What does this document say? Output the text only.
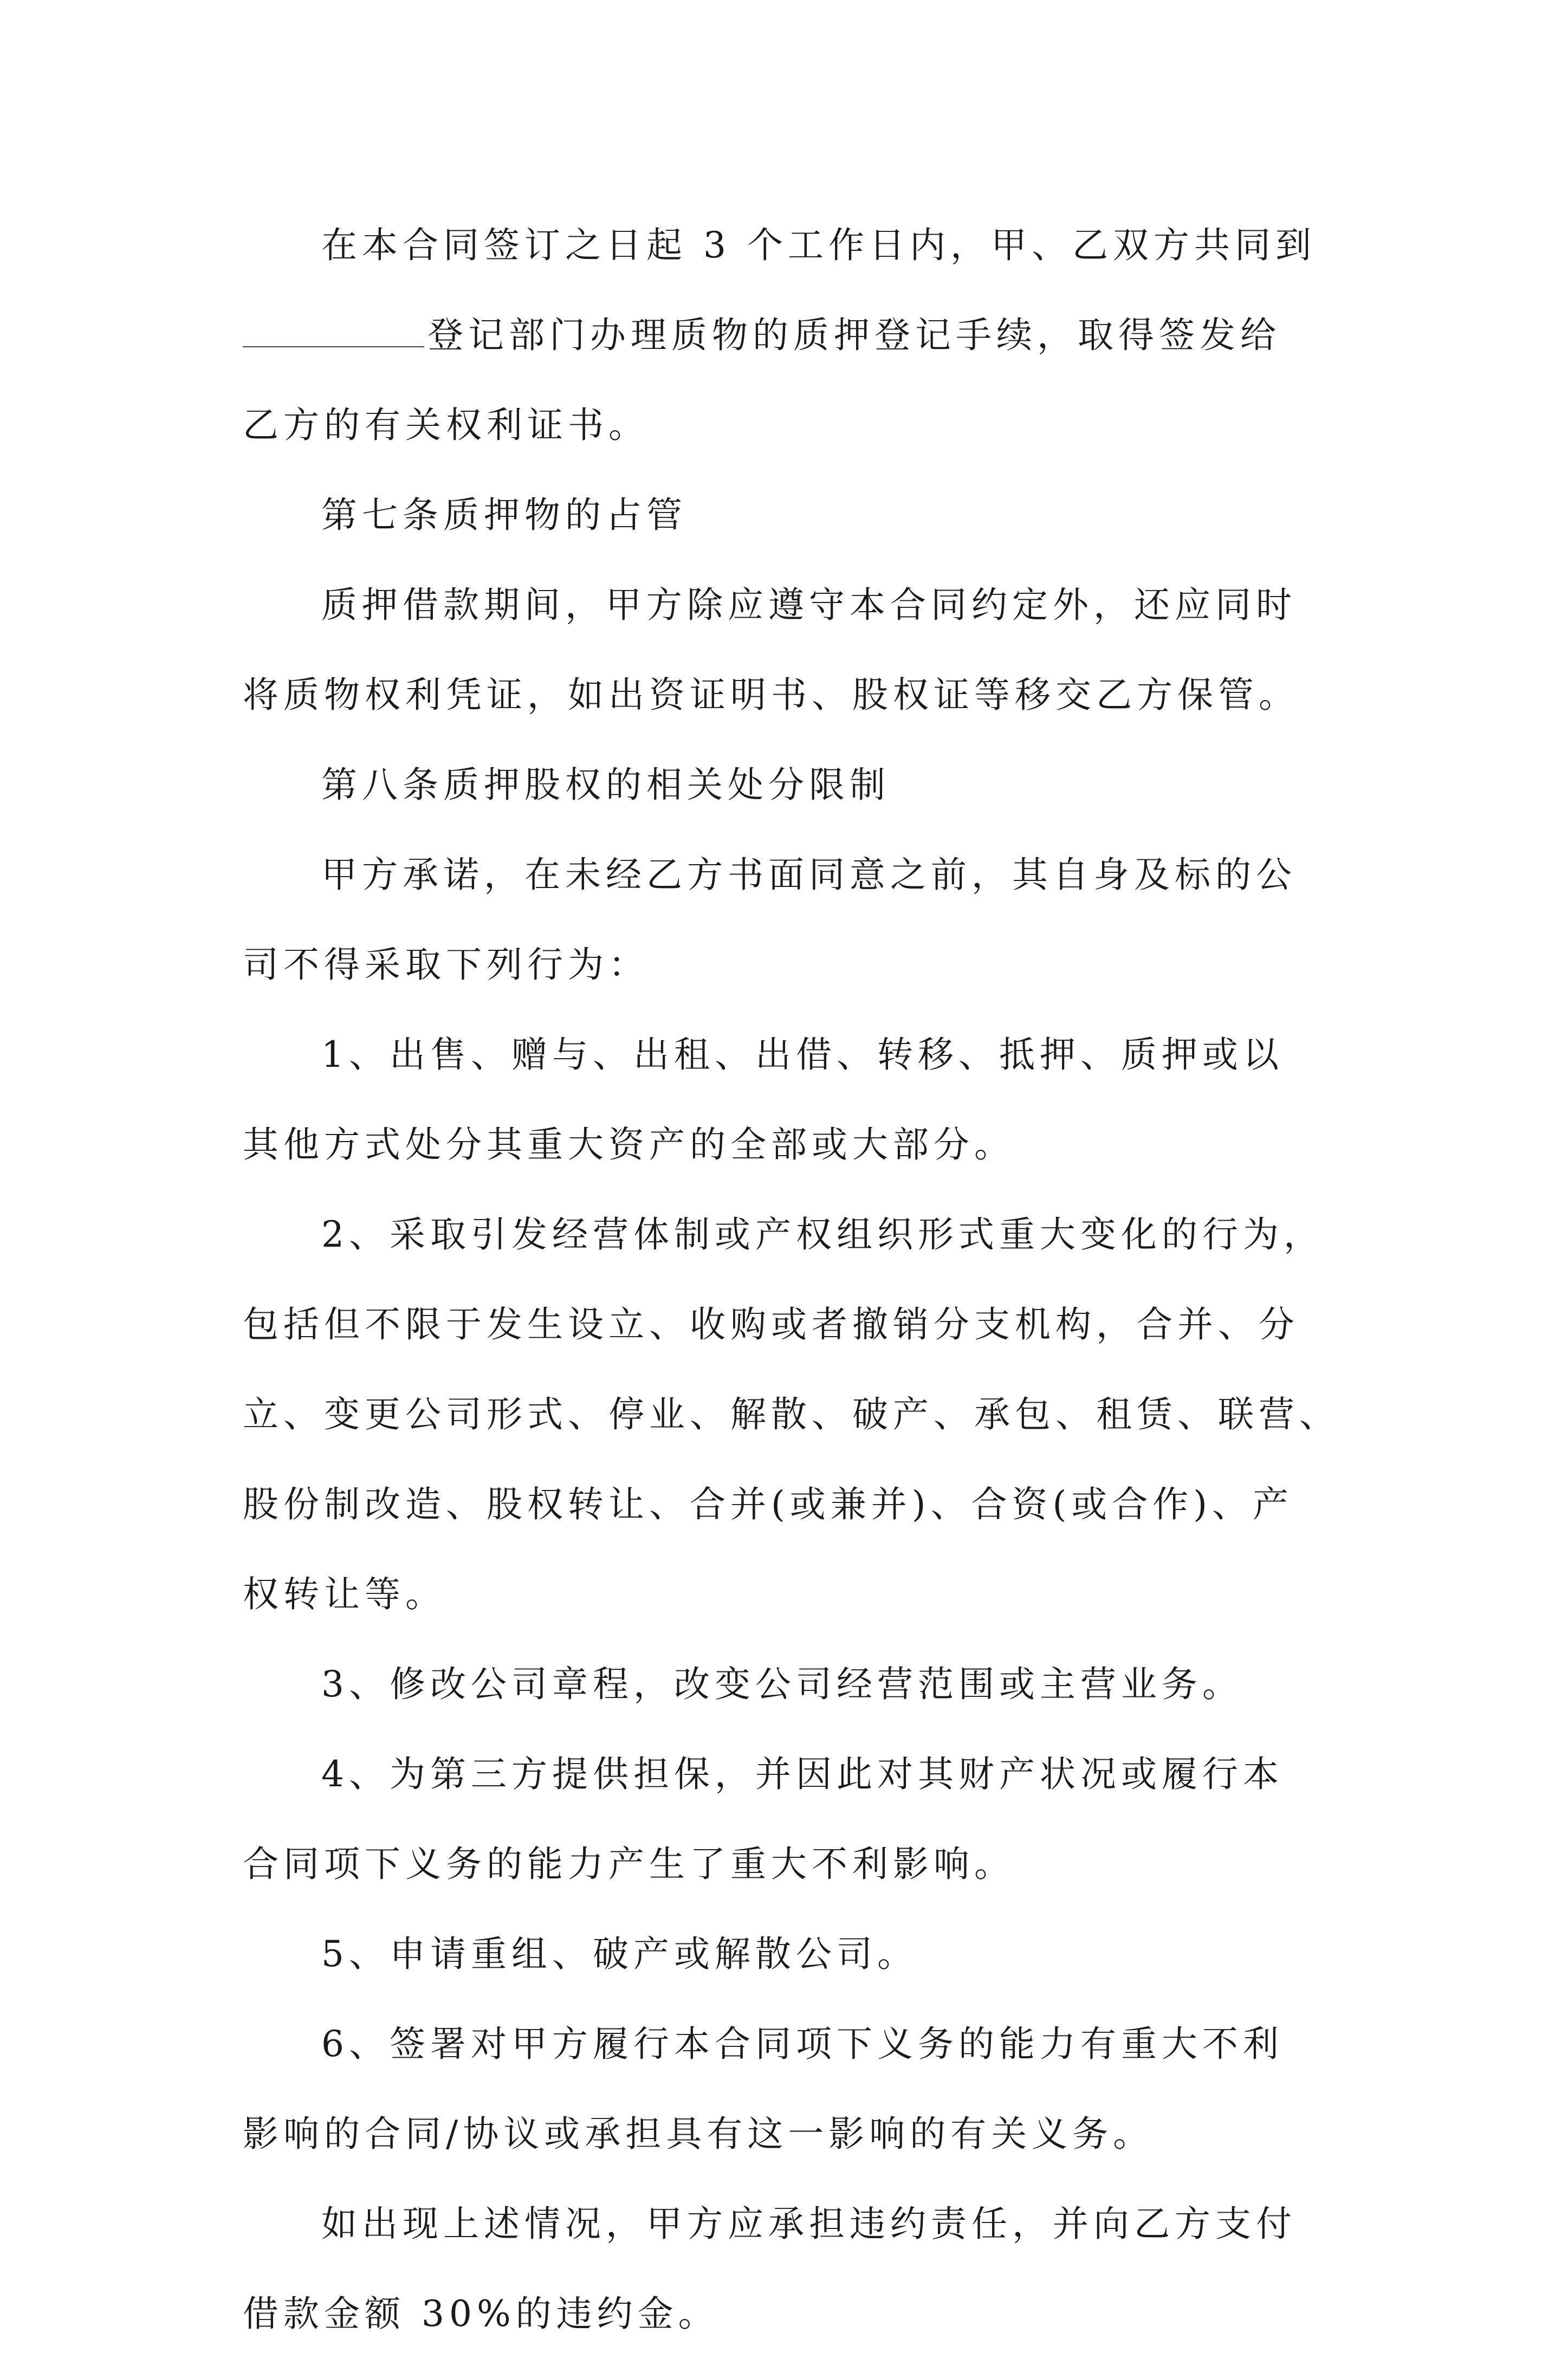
在本合同签订之日起 3 个工作日内，甲、乙双方共同到
登记部门办理质物的质押登记手续，取得签发给
乙方的有关权利证书。
第七条质押物的占管
质押借款期间，甲方除应遵守本合同约定外，还应同时
将质物权利凭证，如出资证明书、股权证等移交乙方保管。
第八条质押股权的相关处分限制
甲方承诺，在未经乙方书面同意之前，其自身及标的公
司不得采取下列行为：
1、出售、赠与、出租、出借、转移、抵押、质押或以
其他方式处分其重大资产的全部或大部分。
2、采取引发经营体制或产权组织形式重大变化的行为，
包括但不限于发生设立、收购或者撤销分支机构，合并、分
立、变更公司形式、停业、解散、破产、承包、租赁、联营、
股份制改造、股权转让、合并(或兼并)、合资(或合作)、产
权转让等。
3、修改公司章程，改变公司经营范围或主营业务。
4、为第三方提供担保，并因此对其财产状况或履行本
合同项下义务的能力产生了重大不利影响。
5、申请重组、破产或解散公司。
6、签署对甲方履行本合同项下义务的能力有重大不利
影响的合同/协议或承担具有这一影响的有关义务。
如出现上述情况，甲方应承担违约责任，并向乙方支付
借款金额 30%的违约金。
